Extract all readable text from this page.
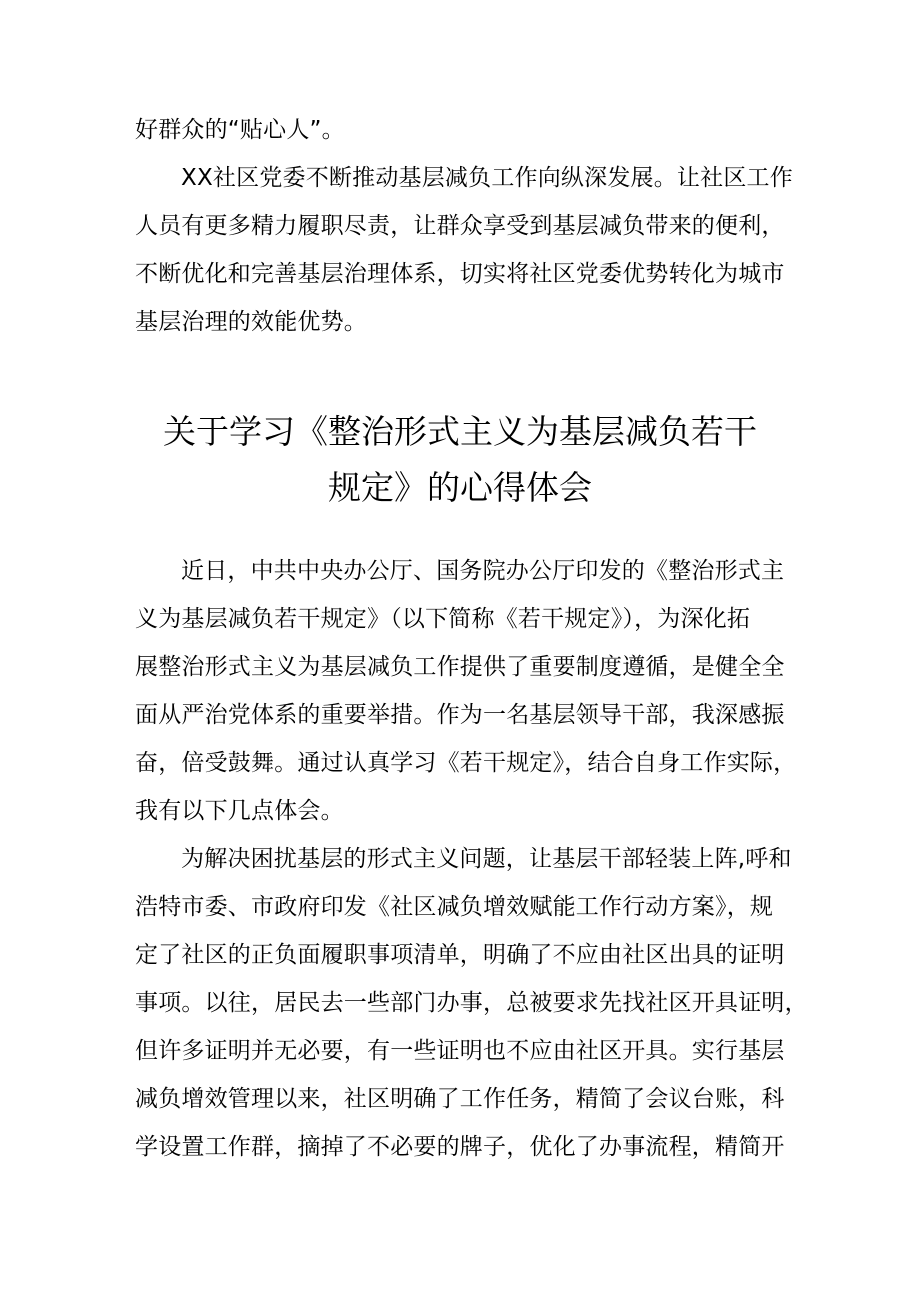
好群众的“贴心人”。
XX社区党委不断推动基层减负工作向纵深发展。让社区工作
人员有更多精力履职尽责，让群众享受到基层减负带来的便利，
不断优化和完善基层治理体系，切实将社区党委优势转化为城市
基层治理的效能优势。
关于学习《整治形式主义为基层减负若干
规定》的心得体会
近日，中共中央办公厅、国务院办公厅印发的《整治形式主
义为基层减负若干规定》（以下简称《若干规定》），为深化拓
展整治形式主义为基层减负工作提供了重要制度遵循，是健全全
面从严治党体系的重要举措。作为一名基层领导干部，我深感振
奋，倍受鼓舞。通过认真学习《若干规定》，结合自身工作实际，
我有以下几点体会。
为解决困扰基层的形式主义问题，让基层干部轻装上阵,呼和
浩特市委、市政府印发《社区减负增效赋能工作行动方案》，规
定了社区的正负面履职事项清单，明确了不应由社区出具的证明
事项。以往，居民去一些部门办事，总被要求先找社区开具证明，
但许多证明并无必要，有一些证明也不应由社区开具。实行基层
减负增效管理以来，社区明确了工作任务，精简了会议台账，科
学设置工作群，摘掉了不必要的牌子，优化了办事流程，精简开
